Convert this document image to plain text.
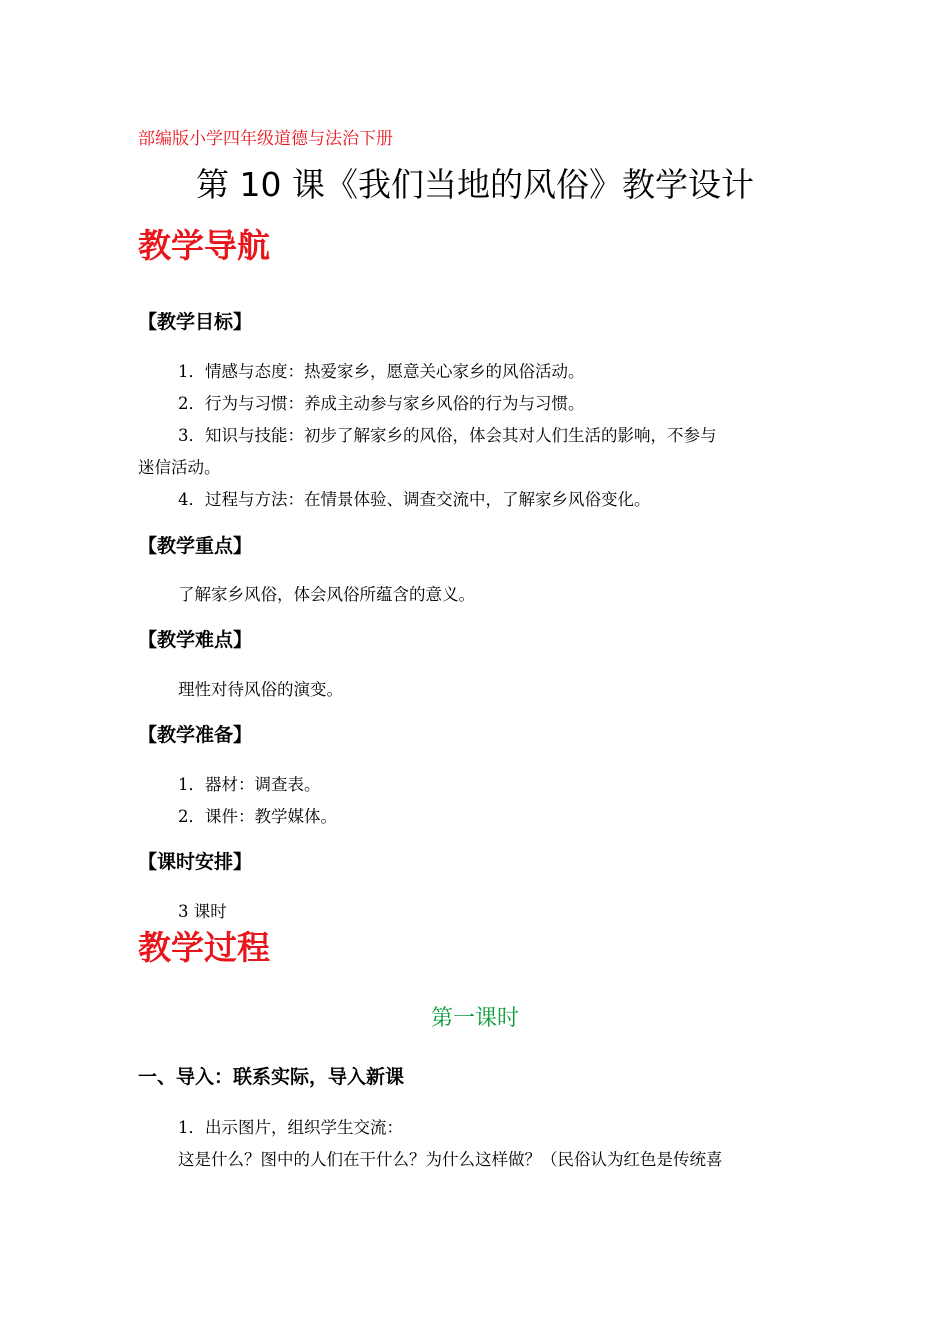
部编版小学四年级道德与法治下册
第 10 课《我们当地的风俗》教学设计
教学导航
【教学目标】
1．情感与态度：热爱家乡，愿意关心家乡的风俗活动。
2．行为与习惯：养成主动参与家乡风俗的行为与习惯。
3．知识与技能：初步了解家乡的风俗，体会其对人们生活的影响，不参与
迷信活动。
4．过程与方法：在情景体验、调查交流中，了解家乡风俗变化。
【教学重点】
了解家乡风俗，体会风俗所蕴含的意义。
【教学难点】
理性对待风俗的演变。
【教学准备】
1．器材：调查表。
2．课件：教学媒体。
【课时安排】
3 课时
教学过程
第一课时
一、导入：联系实际，导入新课
1．出示图片，组织学生交流：
这是什么？图中的人们在干什么？为什么这样做？（民俗认为红色是传统喜
